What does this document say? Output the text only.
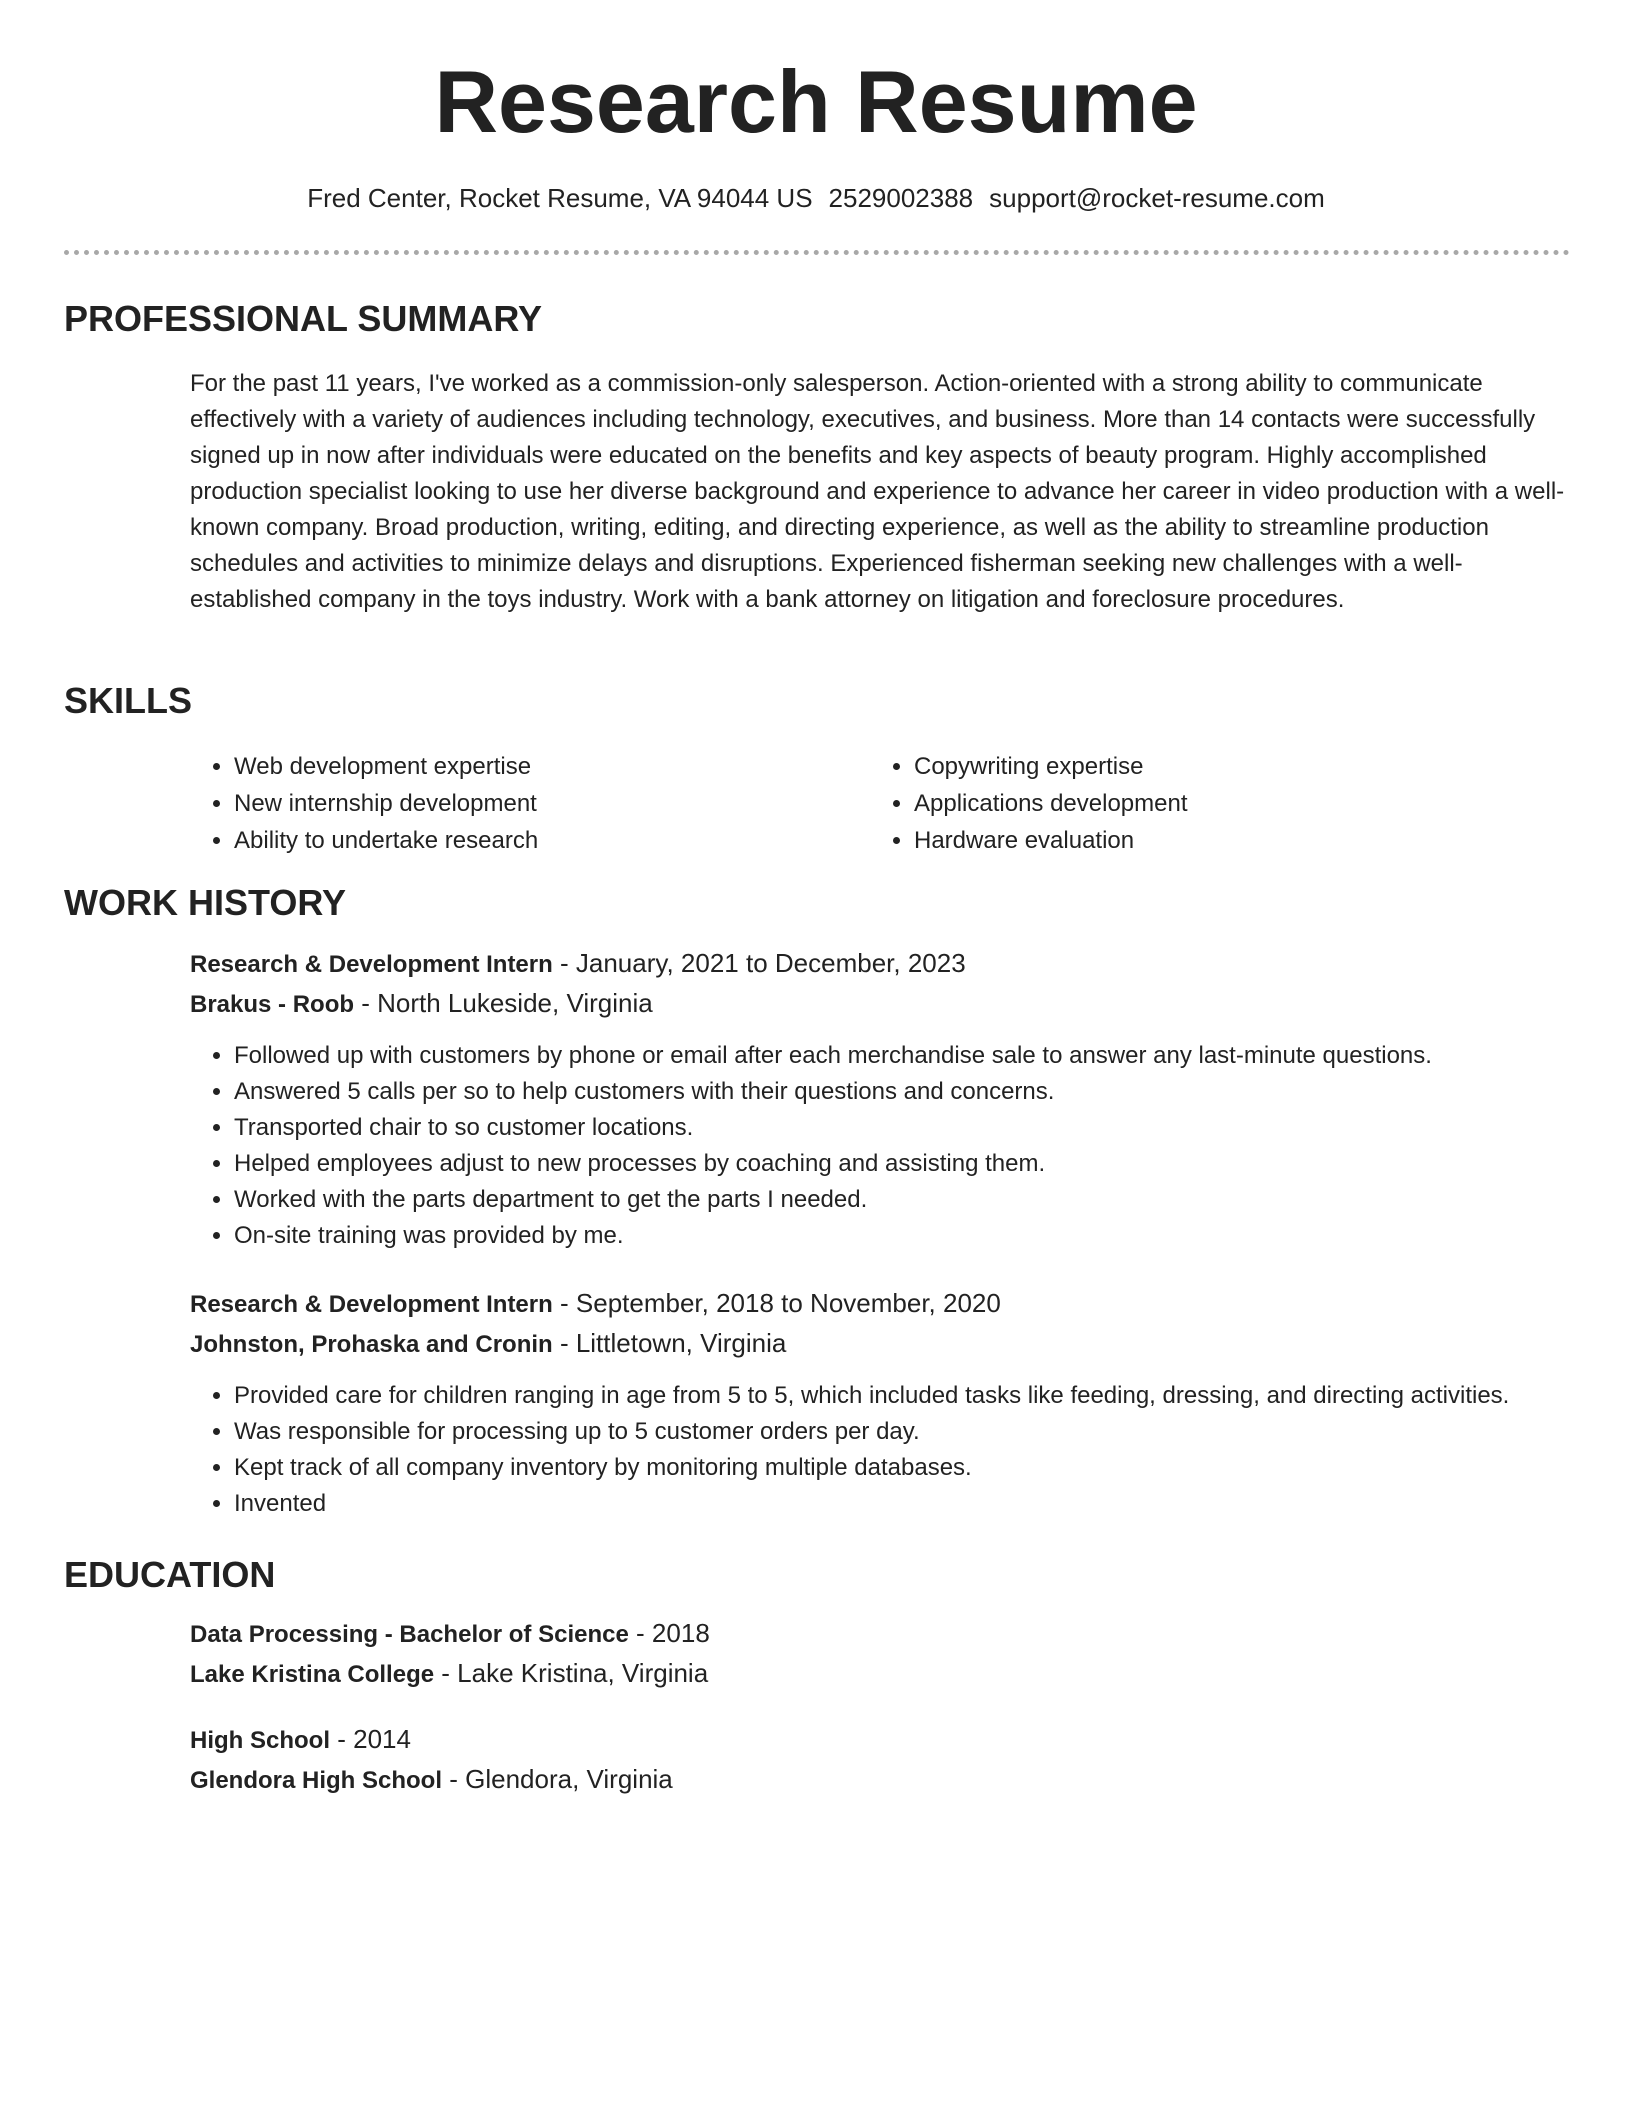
Research Resume
Fred Center, Rocket Resume, VA 94044 US 2529002388 support@rocket-resume.com
PROFESSIONAL SUMMARY

For the past 11 years, I've worked as a commission-only salesperson. Action-oriented with a strong ability to communicate effectively with a variety of audiences including technology, executives, and business. More than 14 contacts were successfully signed up in now after individuals were educated on the benefits and key aspects of beauty program. Highly accomplished production specialist looking to use her diverse background and experience to advance her career in video production with a well-known company. Broad production, writing, editing, and directing experience, as well as the ability to streamline production schedules and activities to minimize delays and disruptions. Experienced fisherman seeking new challenges with a well-established company in the toys industry. Work with a bank attorney on litigation and foreclosure procedures.

SKILLS
• Web development expertise
• New internship development
• Ability to undertake research
• Copywriting expertise
• Applications development
• Hardware evaluation
WORK HISTORY
Research & Development Intern - January, 2021 to December, 2023
Brakus - Roob - North Lukeside, Virginia
• Followed up with customers by phone or email after each merchandise sale to answer any last-minute questions.
• Answered 5 calls per so to help customers with their questions and concerns.
• Transported chair to so customer locations.
• Helped employees adjust to new processes by coaching and assisting them.
• Worked with the parts department to get the parts I needed.
• On-site training was provided by me.
Research & Development Intern - September, 2018 to November, 2020
Johnston, Prohaska and Cronin - Littletown, Virginia
• Provided care for children ranging in age from 5 to 5, which included tasks like feeding, dressing, and directing activities.
• Was responsible for processing up to 5 customer orders per day.
• Kept track of all company inventory by monitoring multiple databases.
• Invented
EDUCATION
Data Processing - Bachelor of Science - 2018
Lake Kristina College - Lake Kristina, Virginia
High School - 2014
Glendora High School - Glendora, Virginia
